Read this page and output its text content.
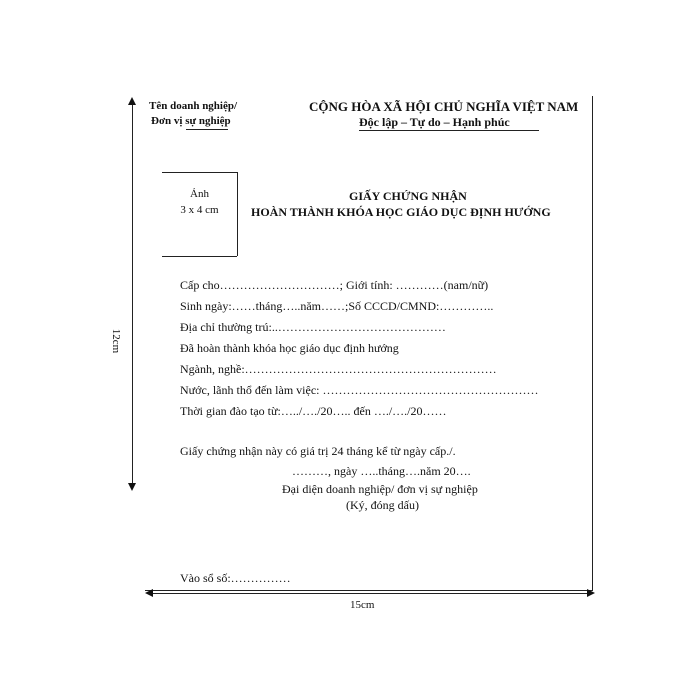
12cm
15cm
Tên doanh nghiệp/
Đơn vị sự nghiệp
CỘNG HÒA XÃ HỘI CHỦ NGHĨA VIỆT NAM
Độc lập – Tự do – Hạnh phúc
Ảnh
3 x 4 cm
GIẤY CHỨNG NHẬN
HOÀN THÀNH KHÓA HỌC GIÁO DỤC ĐỊNH HƯỚNG
Cấp cho…………………………; Giới tính: …………(nam/nữ)
Sinh ngày:……tháng…..năm……;Số CCCD/CMND:…………..
Địa chỉ thường trú:..……………………………………
Đã hoàn thành khóa học giáo dục định hướng
Ngành, nghề:………………………………………………………
Nước, lãnh thổ đến làm việc: ………………………………………………
Thời gian đào tạo từ:…../…./20….. đến …./…./20……
Giấy chứng nhận này có giá trị 24 tháng kể từ ngày cấp./.
………, ngày …..tháng….năm 20….
Đại diện doanh nghiệp/ đơn vị sự nghiệp
(Ký, đóng dấu)
Vào sổ số:……………
